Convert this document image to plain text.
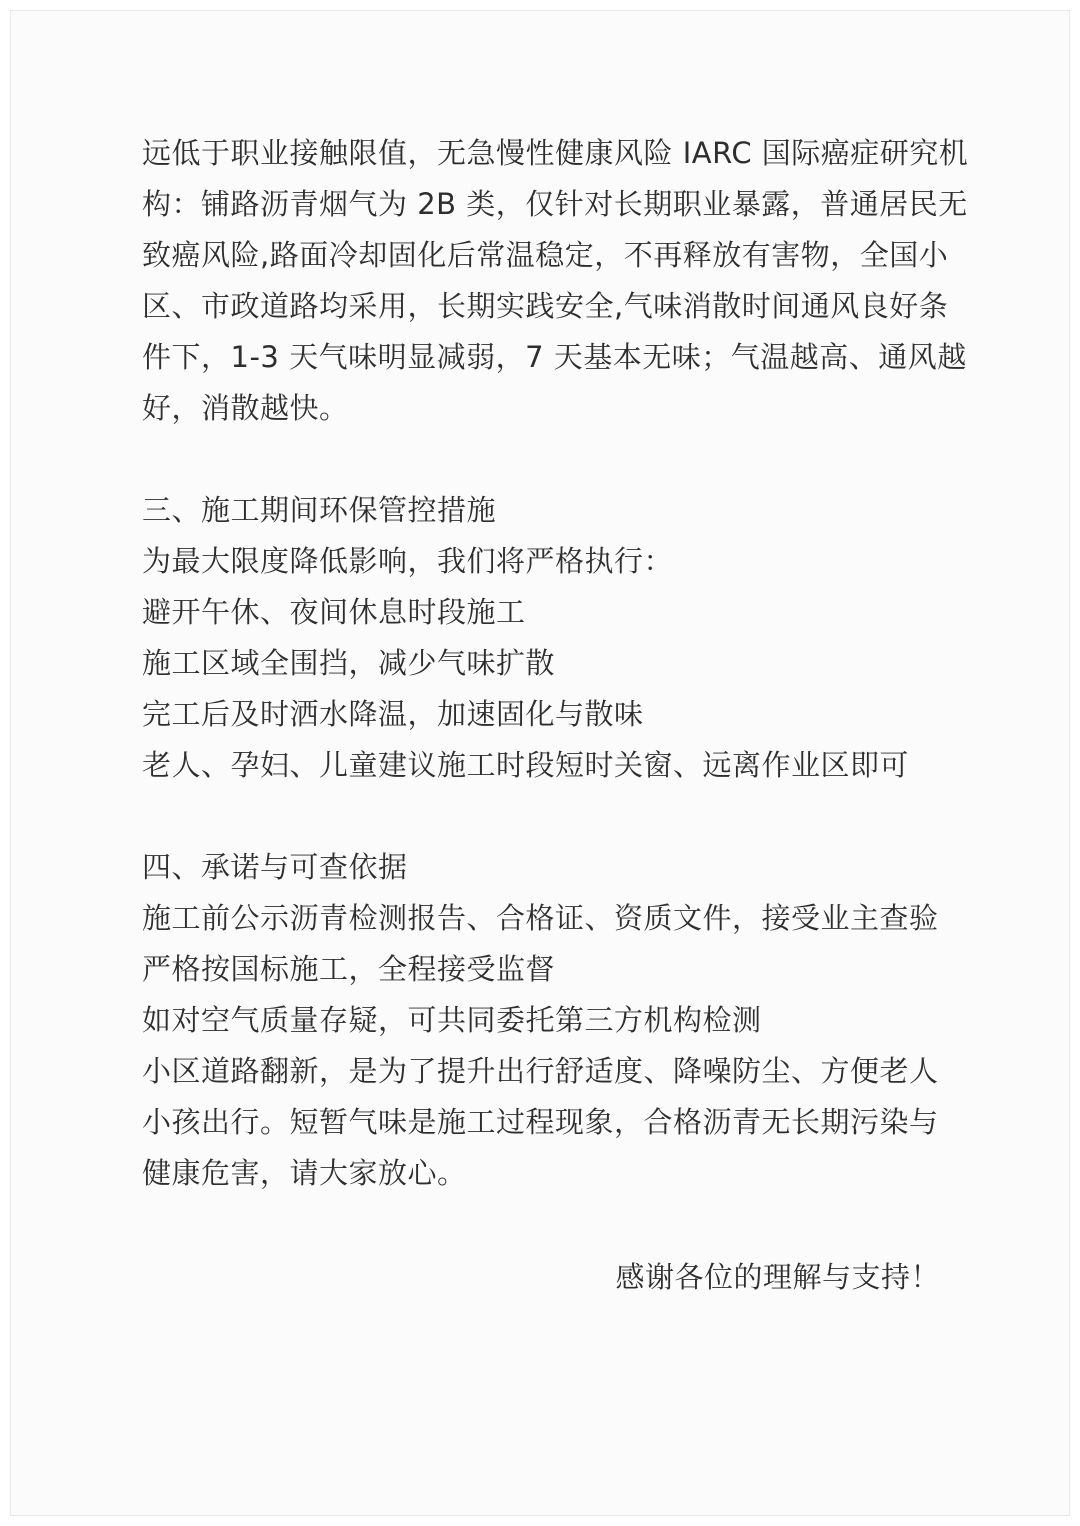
远低于职业接触限值，无急慢性健康风险 IARC 国际癌症研究机
构：铺路沥青烟气为 2B 类，仅针对长期职业暴露，普通居民无
致癌风险,路面冷却固化后常温稳定，不再释放有害物，全国小
区、市政道路均采用，长期实践安全,气味消散时间通风良好条
件下，1-3 天气味明显减弱，7 天基本无味；气温越高、通风越
好，消散越快。
三、施工期间环保管控措施
为最大限度降低影响，我们将严格执行：
避开午休、夜间休息时段施工
施工区域全围挡，减少气味扩散
完工后及时洒水降温，加速固化与散味
老人、孕妇、儿童建议施工时段短时关窗、远离作业区即可
四、承诺与可查依据
施工前公示沥青检测报告、合格证、资质文件，接受业主查验
严格按国标施工，全程接受监督
如对空气质量存疑，可共同委托第三方机构检测
小区道路翻新，是为了提升出行舒适度、降噪防尘、方便老人
小孩出行。短暂气味是施工过程现象，合格沥青无长期污染与
健康危害，请大家放心。
感谢各位的理解与支持！
